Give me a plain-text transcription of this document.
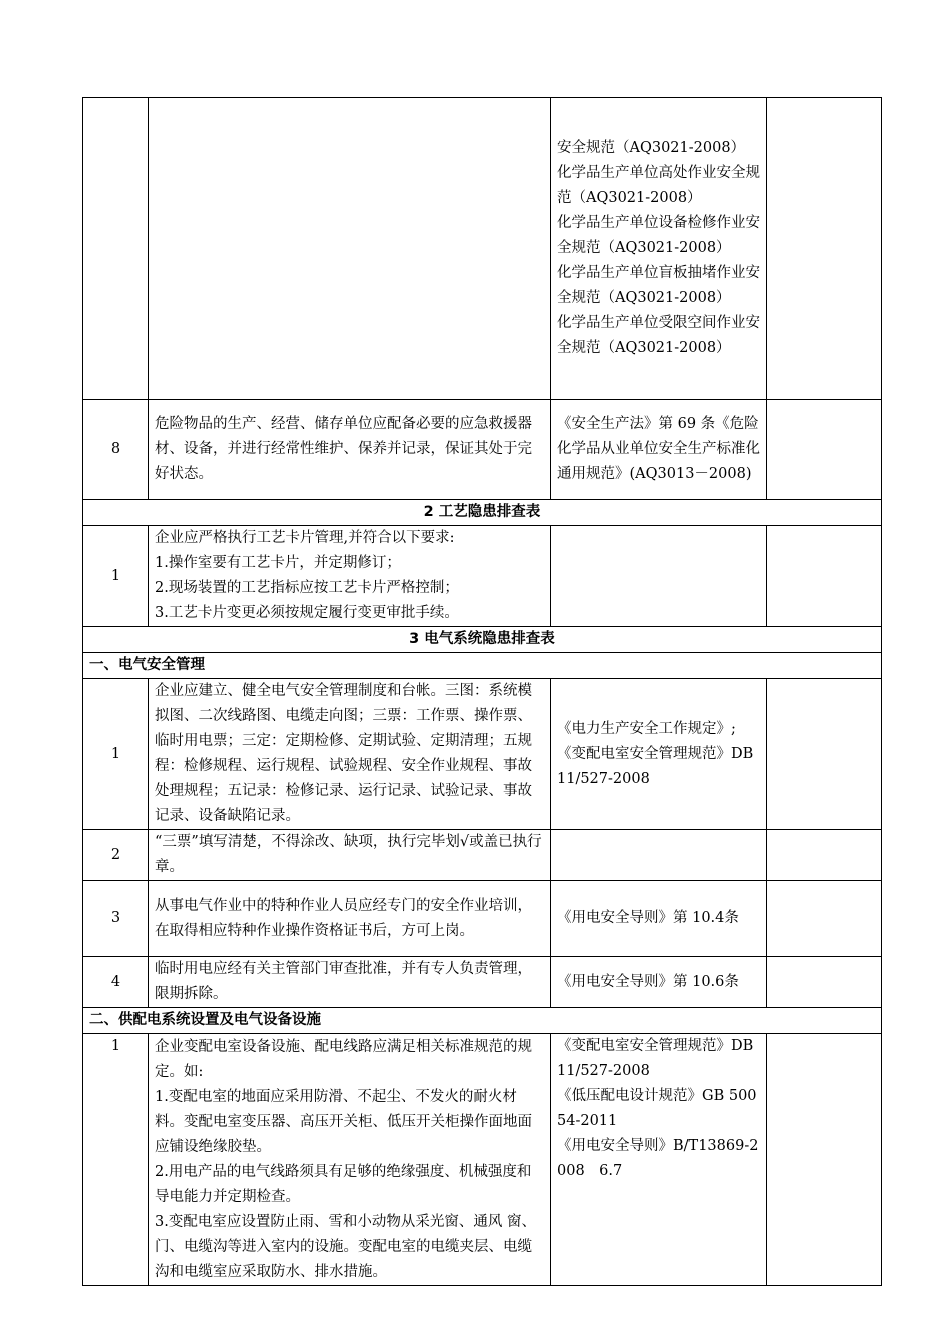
		安全规范（AQ3021-2008）
化学品生产单位高处作业安全规范（AQ3021-2008）
化学品生产单位设备检修作业安全规范（AQ3021-2008）
化学品生产单位盲板抽堵作业安全规范（AQ3021-2008）
化学品生产单位受限空间作业安全规范（AQ3021-2008）	

8	危险物品的生产、经营、储存单位应配备必要的应急救援器材、设备，并进行经常性维护、保养并记录，保证其处于完好状态。	《安全生产法》第 69 条《危险化学品从业单位安全生产标准化通用规范》(AQ3013－2008)	
2 工艺隐患排查表			
1	企业应严格执行工艺卡片管理,并符合以下要求:
1.操作室要有工艺卡片，并定期修订；
2.现场装置的工艺指标应按工艺卡片严格控制；
3.工艺卡片变更必须按规定履行变更审批手续。		

3 电气系统隐患排查表			
一、电气安全管理			
1	企业应建立、健全电气安全管理制度和台帐。三图：系统模拟图、二次线路图、电缆走向图；三票：工作票、操作票、临时用电票；三定：定期检修、定期试验、定期清理；五规程：检修规程、运行规程、试验规程、安全作业规程、事故处理规程；五记录：检修记录、运行记录、试验记录、事故记录、设备缺陷记录。	《电力生产安全工作规定》;《变配电室安全管理规范》DB11/527-2008	
2	“三票”填写清楚，不得涂改、缺项，执行完毕划√或盖已执行章。		
3	从事电气作业中的特种作业人员应经专门的安全作业培训，在取得相应特种作业操作资格证书后，方可上岗。	《用电安全导则》第 10.4条	
4	临时用电应经有关主管部门审查批准，并有专人负责管理，限期拆除。	《用电安全导则》第 10.6条	
二、供配电系统设置及电气设备设施			
1	企业变配电室设备设施、配电线路应满足相关标准规范的规定。如:
1.变配电室的地面应采用防滑、不起尘、不发火的耐火材料。变配电室变压器、高压开关柜、低压开关柜操作面地面应铺设绝缘胶垫。
2.用电产品的电气线路须具有足够的绝缘强度、机械强度和导电能力并定期检查。
3.变配电室应设置防止雨、雪和小动物从采光窗、通风 窗、门、电缆沟等进入室内的设施。变配电室的电缆夹层、电缆沟和电缆室应采取防水、排水措施。	《变配电室安全管理规范》DB11/527-2008
《低压配电设计规范》GB 50054-2011
《用电安全导则》B/T13869-2008　6.7	
